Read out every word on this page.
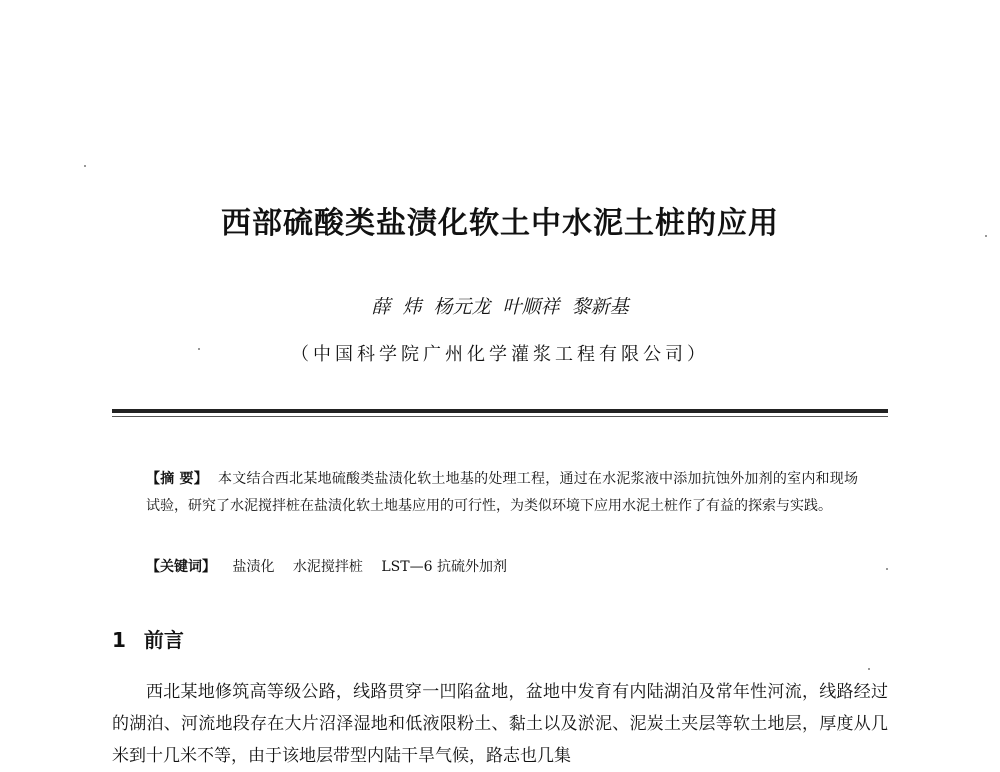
西部硫酸类盐渍化软土中水泥土桩的应用
薛 炜 杨元龙 叶顺祥 黎新基
（中国科学院广州化学灌浆工程有限公司）

【摘 要】 本文结合西北某地硫酸类盐渍化软土地基的处理工程，通过在水泥浆液中添加抗蚀外加剂的室内和现场试验，研究了水泥搅拌桩在盐渍化软土地基应用的可行性，为类似环境下应用水泥土桩作了有益的探索与实践。

【关键词】 盐渍化 水泥搅拌桩 LST—6 抗硫外加剂
1 前言

西北某地修筑高等级公路，线路贯穿一凹陷盆地，盆地中发育有内陆湖泊及常年性河流，线路经过的湖泊、河流地段存在大片沼泽湿地和低液限粉土、黏土以及淤泥、泥炭土夹层等软土地层，厚度从几米到十几米不等，由于该地层带型内陆干旱气候，路志也几集
